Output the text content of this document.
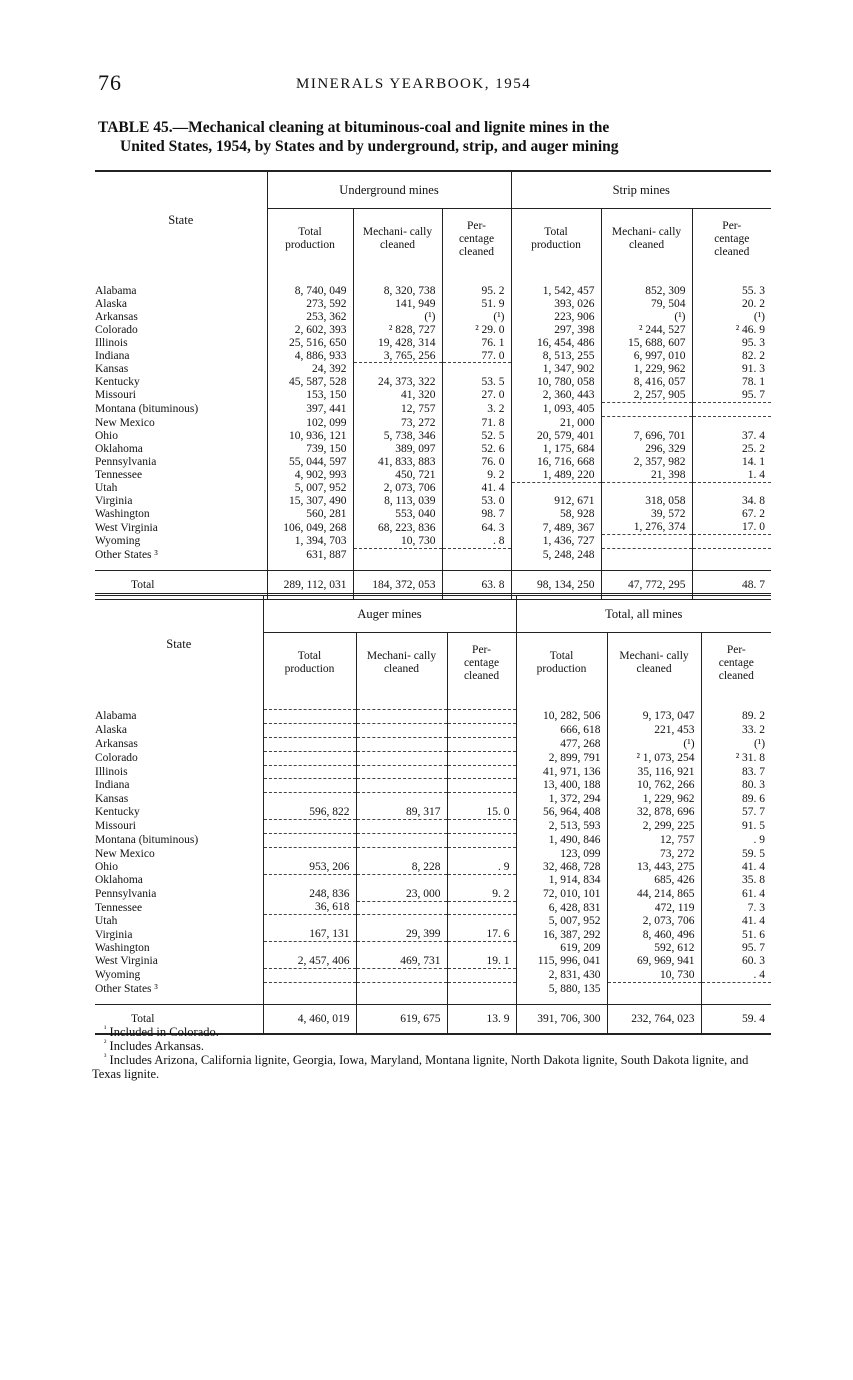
76	MINERALS YEARBOOK, 1954
TABLE 45.—Mechanical cleaning at bituminous-coal and lignite mines in the
United States, 1954, by States and by underground, strip, and auger mining
State	Underground mines			Strip mines		

	Total production	Mechani- cally cleaned	Per- centage cleaned	Total production	Mechani- cally cleaned	Per- centage cleaned

Alabama	8, 740, 049	8, 320, 738	95. 2	1, 542, 457	852, 309	55. 3
Alaska	273, 592	141, 949	51. 9	393, 026	79, 504	20. 2
Arkansas	253, 362	(¹)	(¹)	223, 906	(¹)	(¹)
Colorado	2, 602, 393	² 828, 727	² 29. 0	297, 398	² 244, 527	² 46. 9
Illinois	25, 516, 650	19, 428, 314	76. 1	16, 454, 486	15, 688, 607	95. 3
Indiana	4, 886, 933	3, 765, 256	77. 0	8, 513, 255	6, 997, 010	82. 2
Kansas	24, 392			1, 347, 902	1, 229, 962	91. 3
Kentucky	45, 587, 528	24, 373, 322	53. 5	10, 780, 058	8, 416, 057	78. 1
Missouri	153, 150	41, 320	27. 0	2, 360, 443	2, 257, 905	95. 7
Montana (bituminous)	397, 441	12, 757	3. 2	1, 093, 405		
New Mexico	102, 099	73, 272	71. 8	21, 000		
Ohio	10, 936, 121	5, 738, 346	52. 5	20, 579, 401	7, 696, 701	37. 4
Oklahoma	739, 150	389, 097	52. 6	1, 175, 684	296, 329	25. 2
Pennsylvania	55, 044, 597	41, 833, 883	76. 0	16, 716, 668	2, 357, 982	14. 1
Tennessee	4, 902, 993	450, 721	9. 2	1, 489, 220	21, 398	1. 4
Utah	5, 007, 952	2, 073, 706	41. 4			
Virginia	15, 307, 490	8, 113, 039	53. 0	912, 671	318, 058	34. 8
Washington	560, 281	553, 040	98. 7	58, 928	39, 572	67. 2
West Virginia	106, 049, 268	68, 223, 836	64. 3	7, 489, 367	1, 276, 374	17. 0
Wyoming	1, 394, 703	10, 730	. 8	1, 436, 727		
Other States ³	631, 887			5, 248, 248		

Total	289, 112, 031	184, 372, 053	63. 8	98, 134, 250	47, 772, 295	48. 7
State	Auger mines			Total, all mines		

	Total production	Mechani- cally cleaned	Per- centage cleaned	Total production	Mechani- cally cleaned	Per- centage cleaned

Alabama				10, 282, 506	9, 173, 047	89. 2
Alaska				666, 618	221, 453	33. 2
Arkansas				477, 268	(¹)	(¹)
Colorado				2, 899, 791	² 1, 073, 254	² 31. 8
Illinois				41, 971, 136	35, 116, 921	83. 7
Indiana				13, 400, 188	10, 762, 266	80. 3
Kansas				1, 372, 294	1, 229, 962	89. 6
Kentucky	596, 822	89, 317	15. 0	56, 964, 408	32, 878, 696	57. 7
Missouri				2, 513, 593	2, 299, 225	91. 5
Montana (bituminous)				1, 490, 846	12, 757	. 9
New Mexico				123, 099	73, 272	59. 5
Ohio	953, 206	8, 228	. 9	32, 468, 728	13, 443, 275	41. 4
Oklahoma				1, 914, 834	685, 426	35. 8
Pennsylvania	248, 836	23, 000	9. 2	72, 010, 101	44, 214, 865	61. 4
Tennessee	36, 618			6, 428, 831	472, 119	7. 3
Utah				5, 007, 952	2, 073, 706	41. 4
Virginia	167, 131	29, 399	17. 6	16, 387, 292	8, 460, 496	51. 6
Washington				619, 209	592, 612	95. 7
West Virginia	2, 457, 406	469, 731	19. 1	115, 996, 041	69, 969, 941	60. 3
Wyoming				2, 831, 430	10, 730	. 4
Other States ³				5, 880, 135		

Total	4, 460, 019	619, 675	13. 9	391, 706, 300	232, 764, 023	59. 4
$^{^1}$ Included in Colorado.
$^{^2}$ Includes Arkansas.
$^{^3}$ Includes Arizona, California lignite, Georgia, Iowa, Maryland, Montana lignite, North Dakota lignite, South Dakota lignite, and Texas lignite.
